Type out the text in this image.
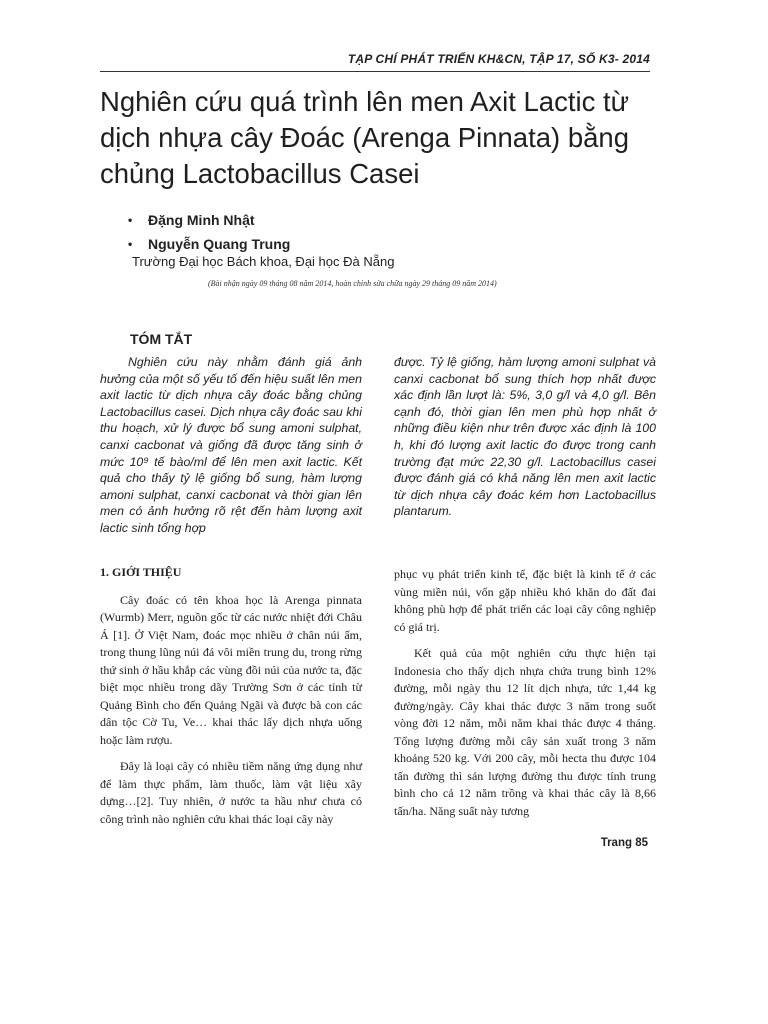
TẠP CHÍ PHÁT TRIỂN KH&CN, TẬP 17, SỐ K3- 2014
Nghiên cứu quá trình lên men Axit Lactic từ dịch nhựa cây Đoác (Arenga Pinnata) bằng chủng Lactobacillus Casei
• Đặng Minh Nhật
• Nguyễn Quang Trung
Trường Đại học Bách khoa, Đại học Đà Nẵng
(Bài nhận ngày 09 tháng 08 năm 2014, hoàn chỉnh sửa chữa ngày 29 tháng 09 năm 2014)
TÓM TẮT

Nghiên cứu này nhằm đánh giá ảnh hưởng của một số yếu tố đến hiệu suất lên men axit lactic từ dịch nhựa cây đoác bằng chủng Lactobacillus casei. Dịch nhựa cây đoác sau khi thu hoạch, xử lý được bổ sung amoni sulphat, canxi cacbonat và giống đã được tăng sinh ở mức 10⁹ tế bào/ml để lên men axit lactic. Kết quả cho thấy tỷ lệ giống bổ sung, hàm lượng amoni sulphat, canxi cacbonat và thời gian lên men có ảnh hưởng rõ rệt đến hàm lượng axit lactic sinh tổng hợp

được. Tỷ lệ giống, hàm lượng amoni sulphat và canxi cacbonat bổ sung thích hợp nhất được xác định lần lượt là: 5%, 3,0 g/l và 4,0 g/l. Bên cạnh đó, thời gian lên men phù hợp nhất ở những điều kiện như trên được xác định là 100 h, khi đó lượng axit lactic đo được trong canh trường đạt mức 22,30 g/l. Lactobacillus casei được đánh giá có khả năng lên men axit lactic từ dịch nhựa cây đoác kém hơn Lactobacillus plantarum.

1. GIỚI THIỆU

Cây đoác có tên khoa học là Arenga pinnata (Wurmb) Merr, nguồn gốc từ các nước nhiệt đới Châu Á [1]. Ở Việt Nam, đoác mọc nhiều ở chân núi ẩm, trong thung lũng núi đá vôi miền trung du, trong rừng thứ sinh ở hầu khắp các vùng đồi núi của nước ta, đặc biệt mọc nhiều trong dãy Trường Sơn ở các tỉnh từ Quảng Bình cho đến Quảng Ngãi và được bà con các dân tộc Cờ Tu, Ve… khai thác lấy dịch nhựa uống hoặc làm rượu.

Đây là loại cây có nhiều tiềm năng ứng dụng như để làm thực phẩm, làm thuốc, làm vật liệu xây dựng…[2]. Tuy nhiên, ở nước ta hầu như chưa có công trình nào nghiên cứu khai thác loại cây này

phục vụ phát triển kinh tế, đặc biệt là kinh tế ở các vùng miền núi, vốn gặp nhiều khó khăn do đất đai không phù hợp để phát triển các loại cây công nghiệp có giá trị.

Kết quả của một nghiên cứu thực hiện tại Indonesia cho thấy dịch nhựa chứa trung bình 12% đường, mỗi ngày thu 12 lít dịch nhựa, tức 1,44 kg đường/ngày. Cây khai thác được 3 năm trong suốt vòng đời 12 năm, mỗi năm khai thác được 4 tháng. Tổng lượng đường mỗi cây sản xuất trong 3 năm khoảng 520 kg. Với 200 cây, mỗi hecta thu được 104 tấn đường thì sản lượng đường thu được tính trung bình cho cả 12 năm trồng và khai thác cây là 8,66 tấn/ha. Năng suất này tương

Trang 85
